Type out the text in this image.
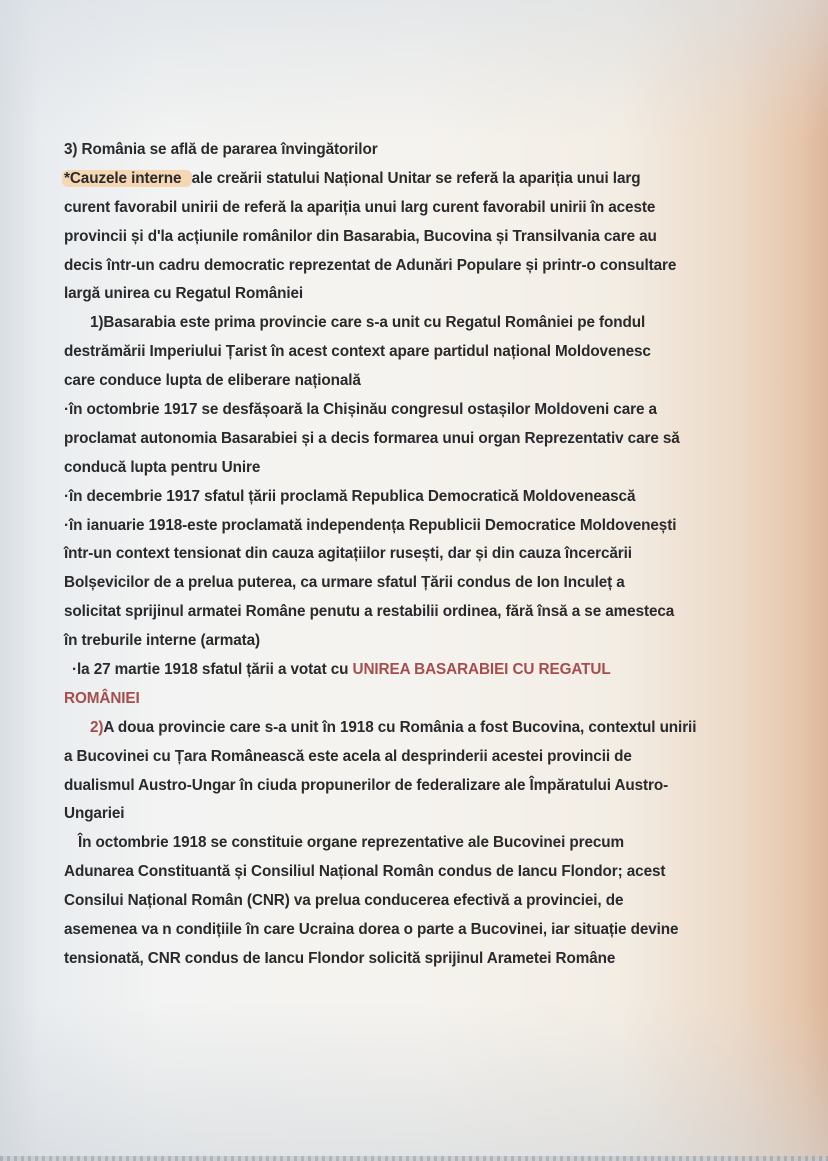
3) România se află de pararea învingătorilor
*Cauzele interne ale creării statului Național Unitar se referă la apariția unui larg
curent favorabil unirii de referă la apariția unui larg curent favorabil unirii în aceste
provincii și d'la acțiunile românilor din Basarabia, Bucovina și Transilvania care au
decis într-un cadru democratic reprezentat de Adunări Populare și printr-o consultare
largă unirea cu Regatul României
1)Basarabia este prima provincie care s-a unit cu Regatul României pe fondul
destrămării Imperiului Țarist în acest context apare partidul național Moldovenesc
care conduce lupta de eliberare națională
·în octombrie 1917 se desfășoară la Chișinău congresul ostașilor Moldoveni care a
proclamat autonomia Basarabiei și a decis formarea unui organ Reprezentativ care să
conducă lupta pentru Unire
·în decembrie 1917 sfatul țării proclamă Republica Democratică Moldovenească
·în ianuarie 1918-este proclamată independența Republicii Democratice Moldovenești
într-un context tensionat din cauza agitațiilor rusești, dar și din cauza încercării
Bolșevicilor de a prelua puterea, ca urmare sfatul Țării condus de Ion Inculeț a
solicitat sprijinul armatei Române penutu a restabilii ordinea, fără însă a se amesteca
în treburile interne (armata)
·la 27 martie 1918 sfatul țării a votat cu UNIREA BASARABIEI CU REGATUL
ROMÂNIEI
2)A doua provincie care s-a unit în 1918 cu România a fost Bucovina, contextul unirii
a Bucovinei cu Țara Românească este acela al desprinderii acestei provincii de
dualismul Austro-Ungar în ciuda propunerilor de federalizare ale Împăratului Austro-
Ungariei
În octombrie 1918 se constituie organe reprezentative ale Bucovinei precum
Adunarea Constituantă și Consiliul Național Român condus de Iancu Flondor; acest
Consilui Național Român (CNR) va prelua conducerea efectivă a provinciei, de
asemenea va n condițiile în care Ucraina dorea o parte a Bucovinei, iar situație devine
tensionată, CNR condus de Iancu Flondor solicită sprijinul Arametei Române
